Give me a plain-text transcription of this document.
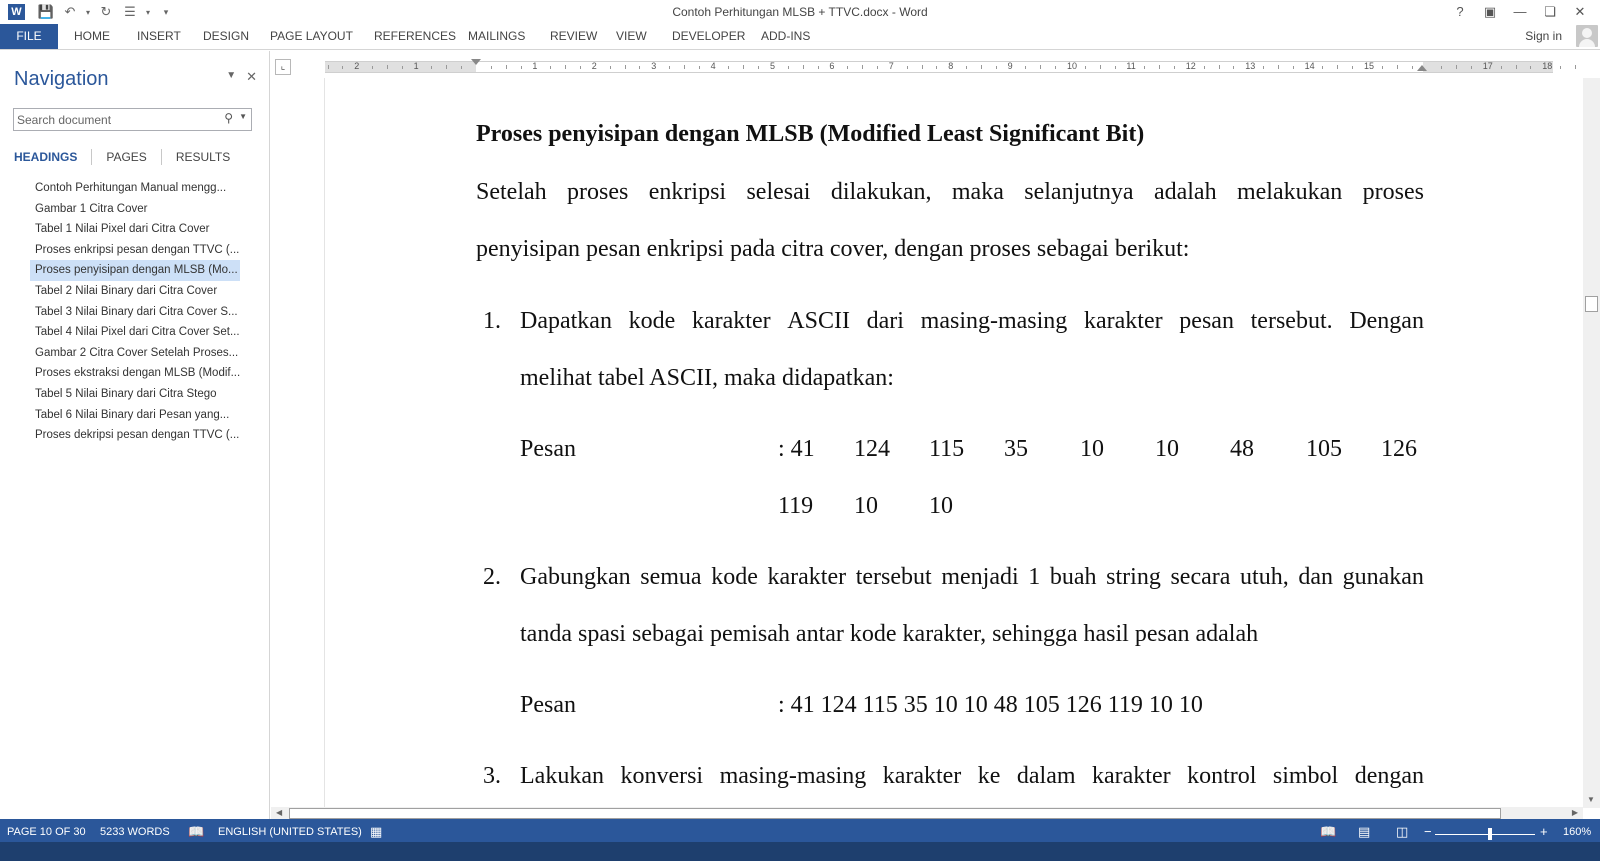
W 💾 ↶	▾ ↻ ☰	▾	▾	Contoh Perhitungan MLSB + TTVC.docx - Word	?	▣	—	❏	✕
FILE	HOME	INSERT	DESIGN	PAGE LAYOUT	REFERENCES MAILINGS	REVIEW	VIEW	DEVELOPER	ADD-INS	Sign in
Navigation	▼ ✕
Search document
⚲ ▼
HEADINGS	PAGES	RESULTS
Contoh Perhitungan Manual mengg...
Gambar 1 Citra Cover
Tabel 1 Nilai Pixel dari Citra Cover
Proses enkripsi pesan dengan TTVC (...
Proses penyisipan dengan MLSB (Mo...
Tabel 2 Nilai Binary dari Citra Cover
Tabel 3 Nilai Binary dari Citra Cover S...
Tabel 4 Nilai Pixel dari Citra Cover Set...
Gambar 2 Citra Cover Setelah Proses...
Proses ekstraksi dengan MLSB (Modif...
Tabel 5 Nilai Binary dari Citra Stego
Tabel 6 Nilai Binary dari Pesan yang...
Proses dekripsi pesan dengan TTVC (...
⌞	2	1	1	2	3	4	5	6	7	8	9	10	11	12	13	14	15	17	18
Proses penyisipan dengan MLSB (Modified Least Significant Bit)
Setelah proses enkripsi selesai dilakukan, maka selanjutnya adalah melakukan proses
penyisipan pesan enkripsi pada citra cover, dengan proses sebagai berikut:
1. Dapatkan kode karakter ASCII dari masing-masing karakter pesan tersebut. Dengan
melihat tabel ASCII, maka didapatkan:
Pesan	: 41 124 115 35 10 10 48 105 126
119 10 10
2. Gabungkan semua kode karakter tersebut menjadi 1 buah string secara utuh, dan gunakan
tanda spasi sebagai pemisah antar kode karakter, sehingga hasil pesan adalah
Pesan	: 41 124 115 35 10 10 48 105 126 119 10 10
3. Lakukan konversi masing-masing karakter ke dalam karakter kontrol simbol dengan
▼
◀	▶
PAGE 10 OF 30 5233 WORDS 📖 ENGLISH (UNITED STATES) ▦	📖 ▤ ◫ −	+ 160%
